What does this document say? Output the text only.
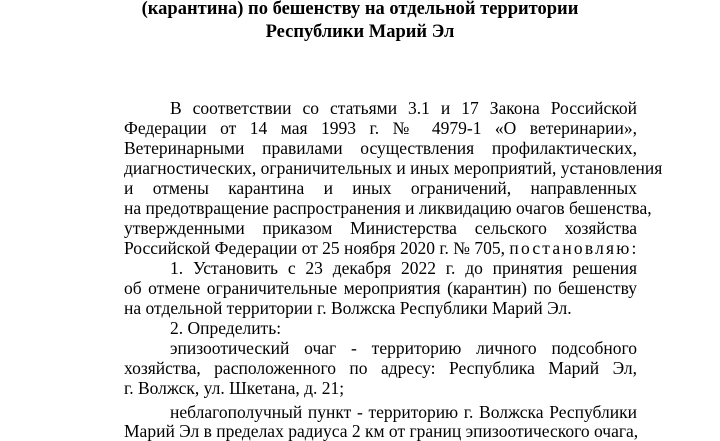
(карантина) по бешенству на отдельной территории
Республики Марий Эл
В соответствии со статьями 3.1 и 17 Закона Российской
Федерации от 14 мая 1993 г. № 4979-1 «О ветеринарии»,
Ветеринарными правилами осуществления профилактических,
диагностических, ограничительных и иных мероприятий, установления
и отмены карантина и иных ограничений, направленных
на предотвращение распространения и ликвидацию очагов бешенства,
утвержденными приказом Министерства сельского хозяйства
Российской Федерации от 25 ноября 2020 г. № 705, постановляю:
1. Установить с 23 декабря 2022 г. до принятия решения
об отмене ограничительные мероприятия (карантин) по бешенству
на отдельной территории г. Волжска Республики Марий Эл.
2. Определить:
эпизоотический очаг - территорию личного подсобного
хозяйства, расположенного по адресу: Республика Марий Эл,
г. Волжск, ул. Шкетана, д. 21;
неблагополучный пункт - территорию г. Волжска Республики
Марий Эл в пределах радиуса 2 км от границ эпизоотического очага,
